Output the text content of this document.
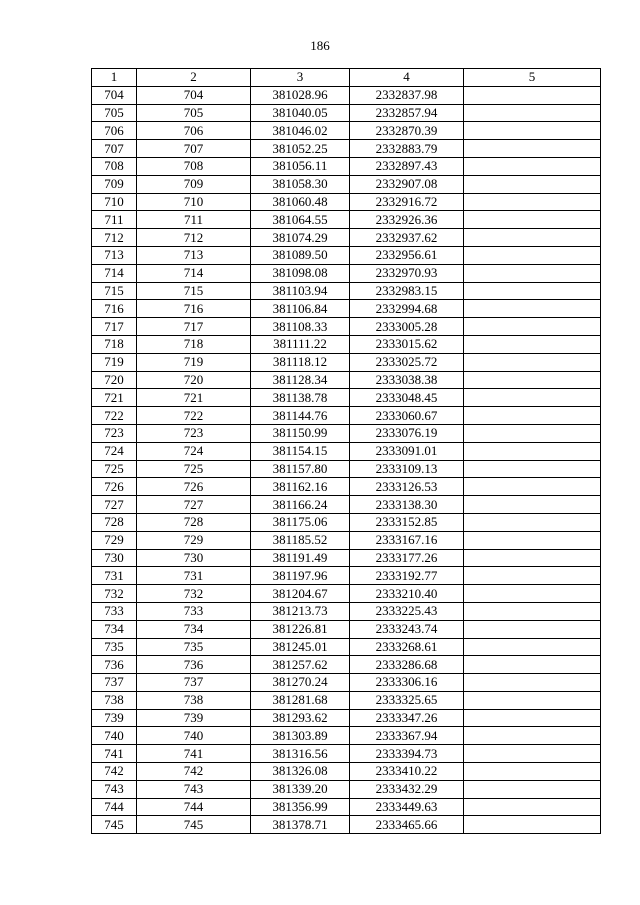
186
1	2	3	4	5
704	704	381028.96	2332837.98	
705	705	381040.05	2332857.94	
706	706	381046.02	2332870.39	
707	707	381052.25	2332883.79	
708	708	381056.11	2332897.43	
709	709	381058.30	2332907.08	
710	710	381060.48	2332916.72	
711	711	381064.55	2332926.36	
712	712	381074.29	2332937.62	
713	713	381089.50	2332956.61	
714	714	381098.08	2332970.93	
715	715	381103.94	2332983.15	
716	716	381106.84	2332994.68	
717	717	381108.33	2333005.28	
718	718	381111.22	2333015.62	
719	719	381118.12	2333025.72	
720	720	381128.34	2333038.38	
721	721	381138.78	2333048.45	
722	722	381144.76	2333060.67	
723	723	381150.99	2333076.19	
724	724	381154.15	2333091.01	
725	725	381157.80	2333109.13	
726	726	381162.16	2333126.53	
727	727	381166.24	2333138.30	
728	728	381175.06	2333152.85	
729	729	381185.52	2333167.16	
730	730	381191.49	2333177.26	
731	731	381197.96	2333192.77	
732	732	381204.67	2333210.40	
733	733	381213.73	2333225.43	
734	734	381226.81	2333243.74	
735	735	381245.01	2333268.61	
736	736	381257.62	2333286.68	
737	737	381270.24	2333306.16	
738	738	381281.68	2333325.65	
739	739	381293.62	2333347.26	
740	740	381303.89	2333367.94	
741	741	381316.56	2333394.73	
742	742	381326.08	2333410.22	
743	743	381339.20	2333432.29	
744	744	381356.99	2333449.63	
745	745	381378.71	2333465.66	
